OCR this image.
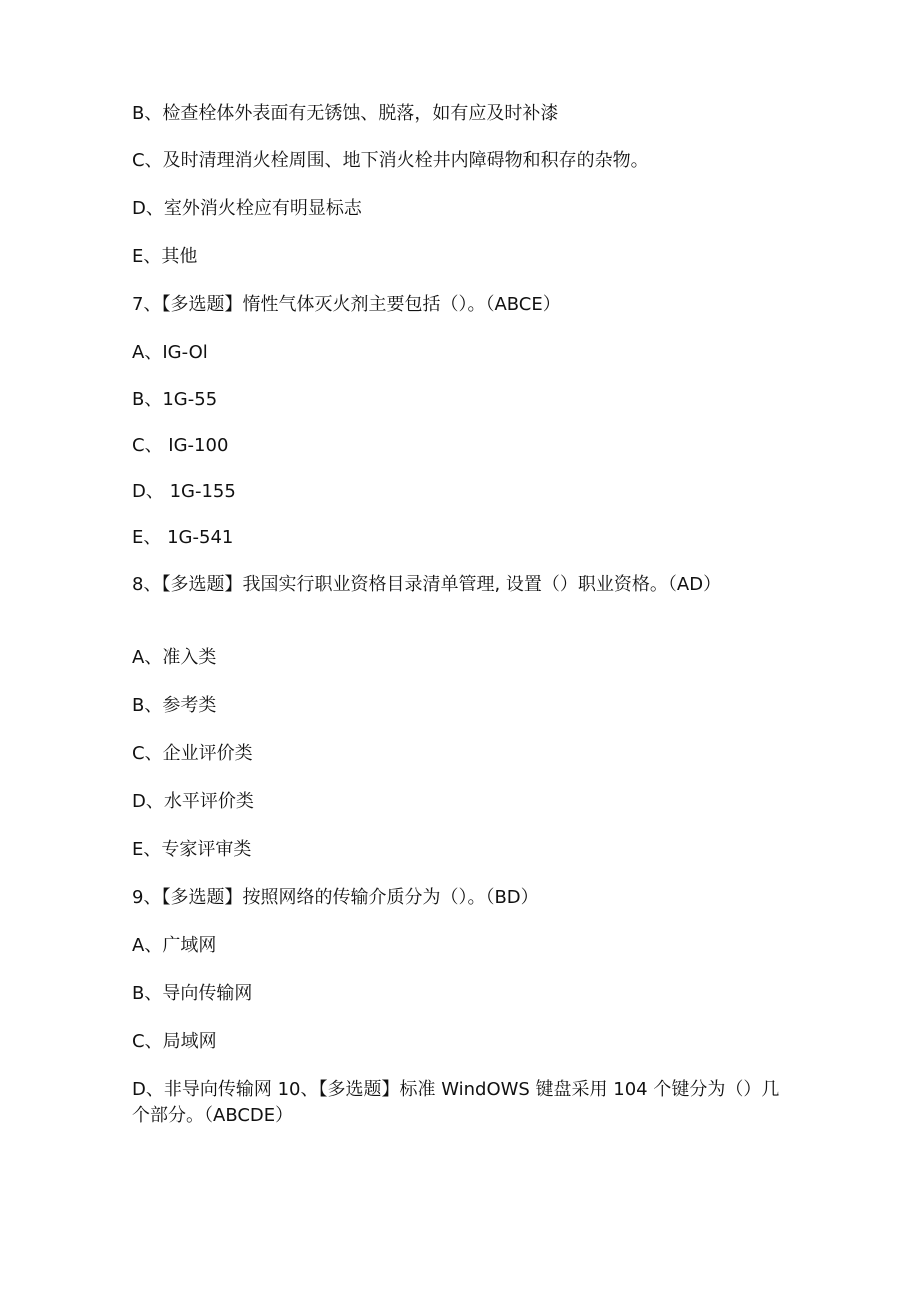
B、检查栓体外表面有无锈蚀、脱落，如有应及时补漆
C、及时清理消火栓周围、地下消火栓井内障碍物和积存的杂物。
D、室外消火栓应有明显标志
E、其他
7、【多选题】惰性气体灭火剂主要包括（）。（ABCE）
A、IG-Ol
B、1G-55
C、 IG-100
D、 1G-155
E、 1G-541
8、【多选题】我国实行职业资格目录清单管理, 设置（）职业资格。（AD）
A、准入类
B、参考类
C、企业评价类
D、水平评价类
E、专家评审类
9、【多选题】按照网络的传输介质分为（）。（BD）
A、广域网
B、导向传输网
C、局域网
D、非导向传输网 10、【多选题】标准 WindOWS 键盘采用 104 个键分为（）几个部分。（ABCDE）
